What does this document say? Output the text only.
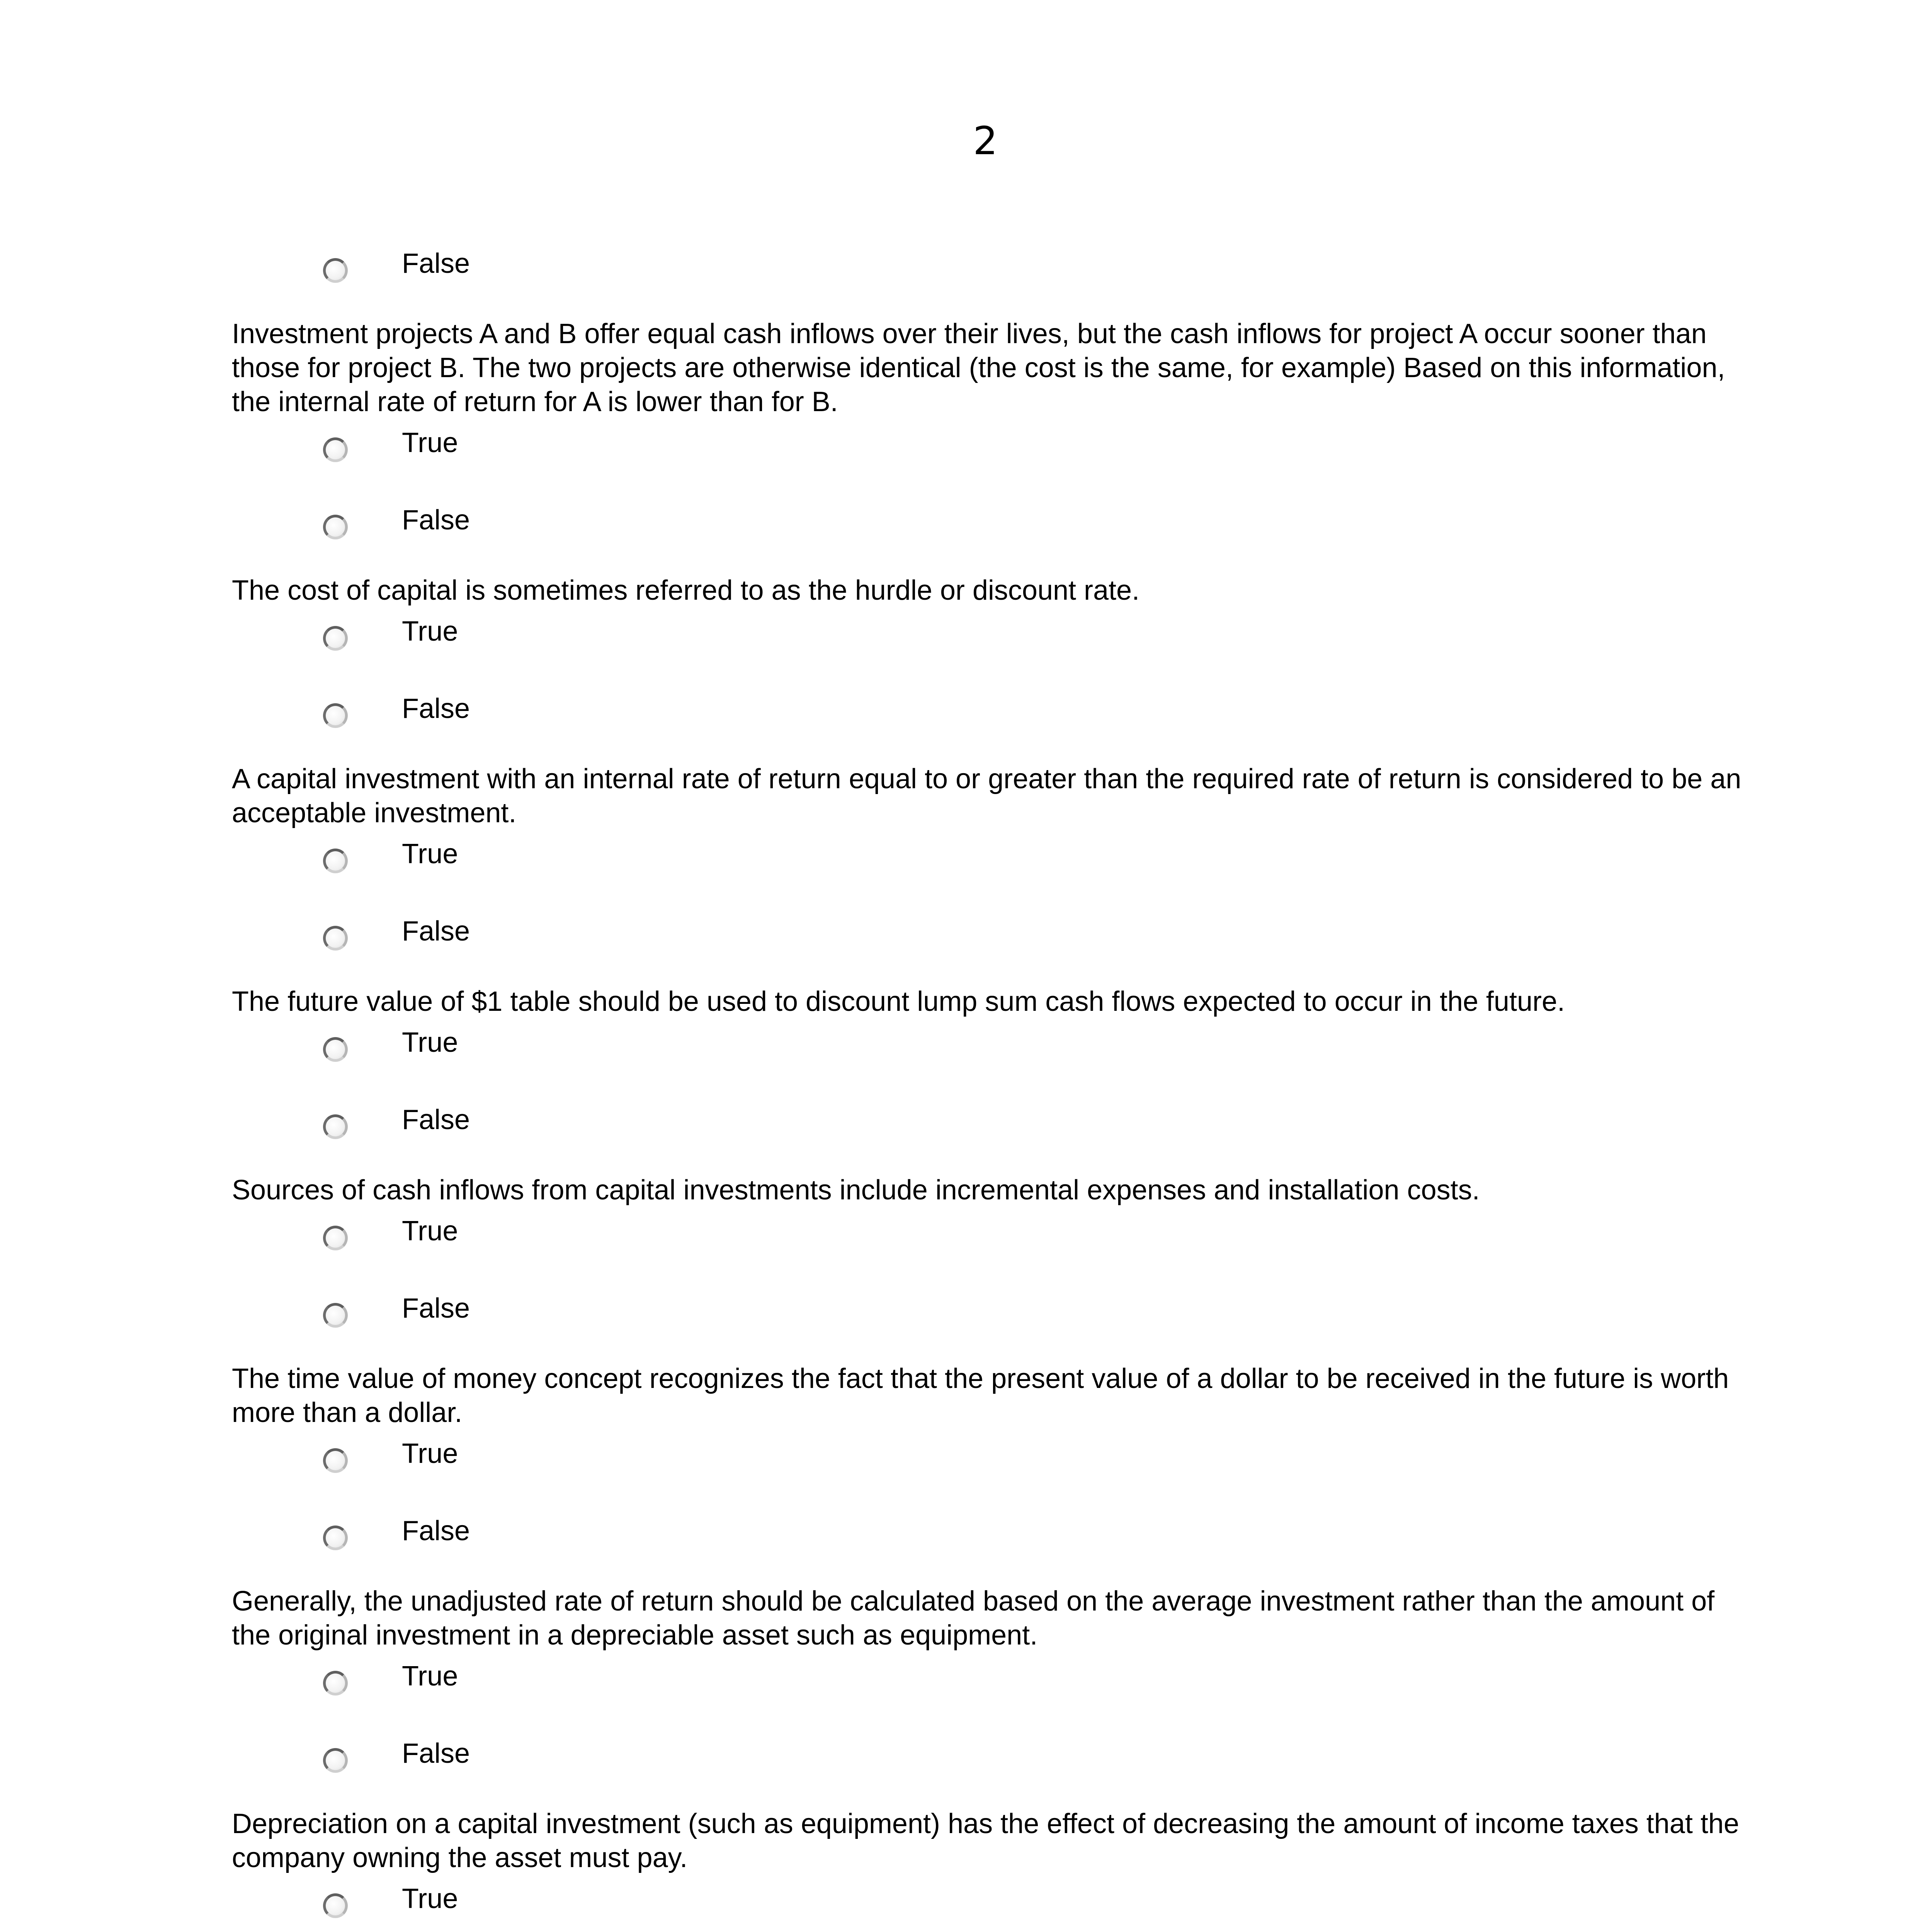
2
False

Investment projects A and B offer equal cash inflows over their lives, but the cash inflows for project A occur sooner than those for project B. The two projects are otherwise identical (the cost is the same, for example) Based on this information, the internal rate of return for A is lower than for B.

True
False

The cost of capital is sometimes referred to as the hurdle or discount rate.

True
False

A capital investment with an internal rate of return equal to or greater than the required rate of return is considered to be an acceptable investment.

True
False

The future value of $1 table should be used to discount lump sum cash flows expected to occur in the future.

True
False

Sources of cash inflows from capital investments include incremental expenses and installation costs.

True
False

The time value of money concept recognizes the fact that the present value of a dollar to be received in the future is worth more than a dollar.

True
False

Generally, the unadjusted rate of return should be calculated based on the average investment rather than the amount of the original investment in a depreciable asset such as equipment.

True
False

Depreciation on a capital investment (such as equipment) has the effect of decreasing the amount of income taxes that the company owning the asset must pay.

True
